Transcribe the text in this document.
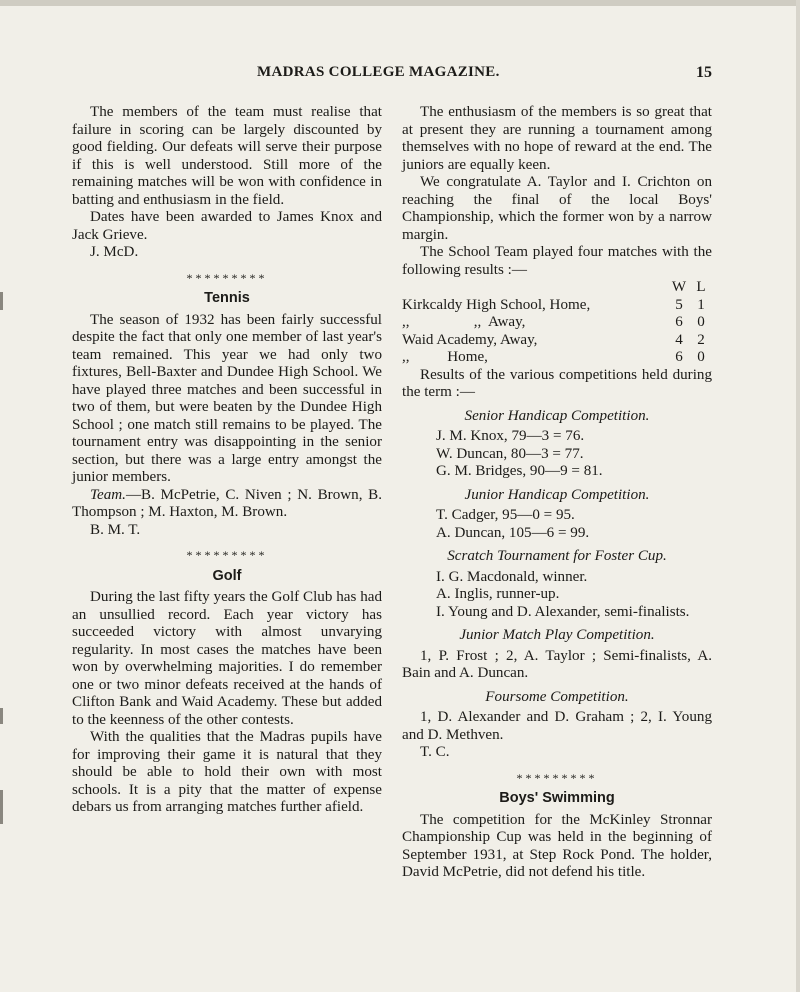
MADRAS COLLEGE MAGAZINE.	15

The members of the team must realise that failure in scoring can be largely discounted by good fielding. Our defeats will serve their purpose if this is well understood. Still more of the remaining matches will be won with confidence in batting and enthusiasm in the field.

Dates have been awarded to James Knox and Jack Grieve.

J. McD.

*********
Tennis

The season of 1932 has been fairly successful despite the fact that only one member of last year's team remained. This year we had only two fixtures, Bell-Baxter and Dundee High School. We have played three matches and been successful in two of them, but were beaten by the Dundee High School ; one match still remains to be played. The tournament entry was disappointing in the senior section, but there was a large entry amongst the junior members.

Team.—B. McPetrie, C. Niven ; N. Brown, B. Thompson ; M. Haxton, M. Brown.

B. M. T.

*********
Golf

During the last fifty years the Golf Club has had an unsullied record. Each year victory has succeeded victory with almost unvarying regularity. In most cases the matches have been won by overwhelming majorities. I do remember one or two minor defeats received at the hands of Clifton Bank and Waid Academy. These but added to the keenness of the other contests.

With the qualities that the Madras pupils have for improving their game it is natural that they should be able to hold their own with most schools. It is a pity that the matter of expense debars us from arranging matches further afield.

The enthusiasm of the members is so great that at present they are running a tournament among themselves with no hope of reward at the end. The juniors are equally keen.

We congratulate A. Taylor and I. Crichton on reaching the final of the local Boys' Championship, which the former won by a narrow margin.

The School Team played four matches with the following results :—

	W	L
Kirkcaldy High School, Home,	5	1
,,                 ,,  Away,	6	0
Waid Academy, Away,	4	2
,,          Home,	6	0

Results of the various competitions held during the term :—

Senior Handicap Competition.

J. M. Knox, 79—3 = 76.

W. Duncan, 80—3 = 77.

G. M. Bridges, 90—9 = 81.

Junior Handicap Competition.

T. Cadger, 95—0 = 95.

A. Duncan, 105—6 = 99.

Scratch Tournament for Foster Cup.

I. G. Macdonald, winner.

A. Inglis, runner-up.

I. Young and D. Alexander, semi-finalists.

Junior Match Play Competition.

1, P. Frost ; 2, A. Taylor ; Semi-finalists, A. Bain and A. Duncan.

Foursome Competition.

1, D. Alexander and D. Graham ; 2, I. Young and D. Methven.

T. C.

*********
Boys' Swimming

The competition for the McKinley Stronnar Championship Cup was held in the beginning of September 1931, at Step Rock Pond. The holder, David McPetrie, did not defend his title.
